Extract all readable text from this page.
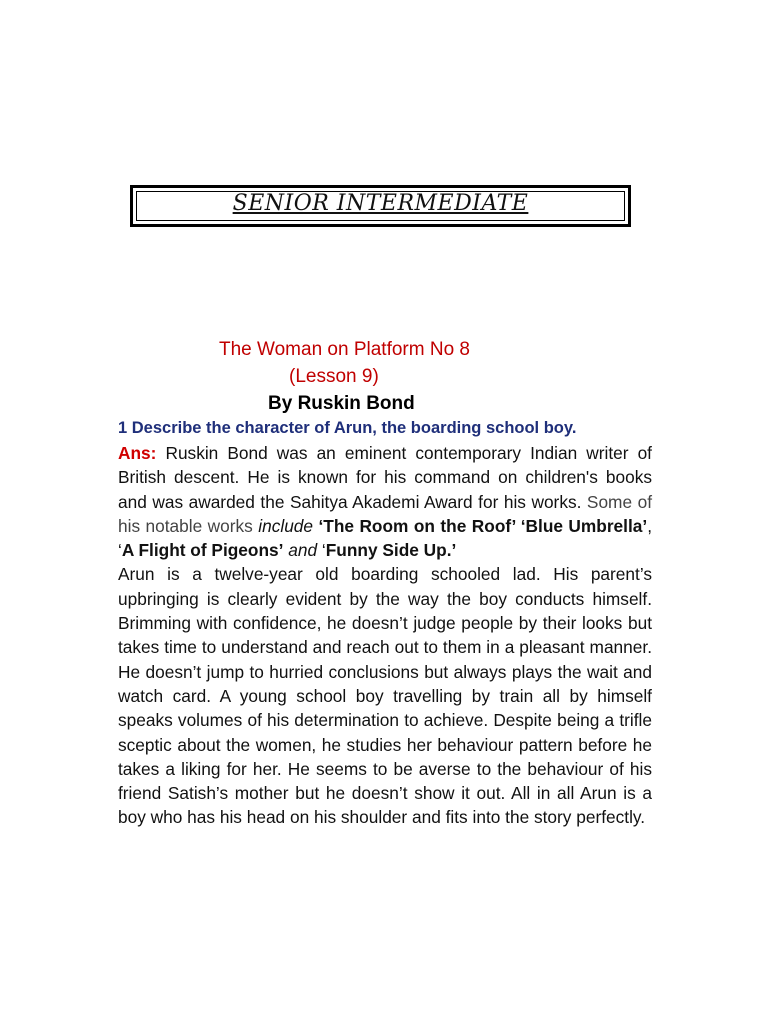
SENIOR INTERMEDIATE
The Woman on Platform No 8
(Lesson 9)
By Ruskin Bond
1 Describe the character of Arun, the boarding school boy.

Ans: Ruskin Bond was an eminent contemporary Indian writer of British descent. He is known for his command on children's books and was awarded the Sahitya Akademi Award for his works. Some of his notable works include ‘The Room on the Roof’ ‘Blue Umbrella’, ‘A Flight of Pigeons’ and ‘Funny Side Up.’

Arun is a twelve-year old boarding schooled lad. His parent’s upbringing is clearly evident by the way the boy conducts himself. Brimming with confidence, he doesn’t judge people by their looks but takes time to understand and reach out to them in a pleasant manner. He doesn’t jump to hurried conclusions but always plays the wait and watch card. A young school boy travelling by train all by himself speaks volumes of his determination to achieve. Despite being a trifle sceptic about the women, he studies her behaviour pattern before he takes a liking for her. He seems to be averse to the behaviour of his friend Satish’s mother but he doesn’t show it out. All in all Arun is a boy who has his head on his shoulder and fits into the story perfectly.
